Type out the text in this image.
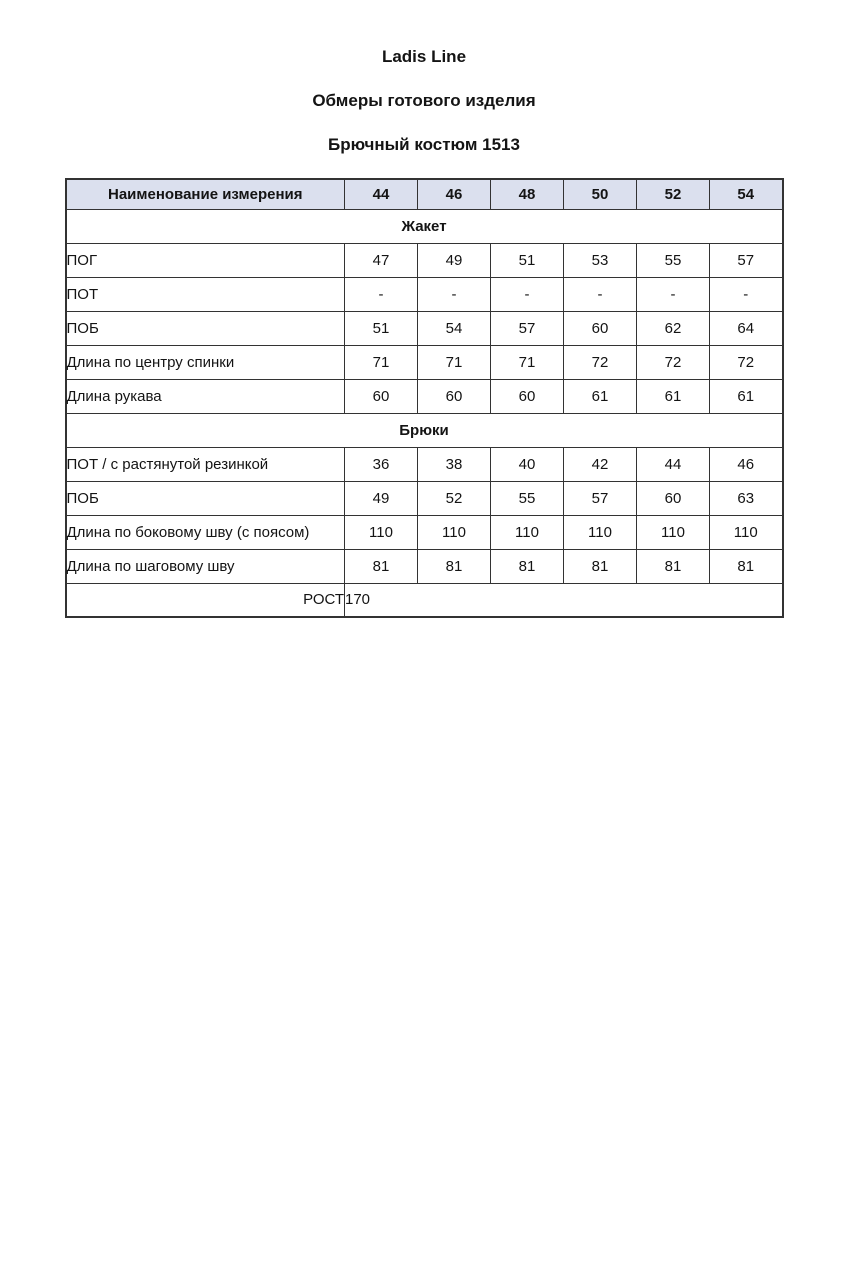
Ladis Line
Обмеры готового изделия
Брючный костюм 1513
Наименование измерения	44	46	48	50	52	54
Жакет						
ПОГ	47	49	51	53	55	57
ПОТ	-	-	-	-	-	-
ПОБ	51	54	57	60	62	64
Длина по центру спинки	71	71	71	72	72	72
Длина рукава	60	60	60	61	61	61
Брюки						
ПОТ / с растянутой резинкой	36	38	40	42	44	46
ПОБ	49	52	55	57	60	63
Длина по боковому шву (с поясом)	110	110	110	110	110	110
Длина по шаговому шву	81	81	81	81	81	81
РОСТ	170					
